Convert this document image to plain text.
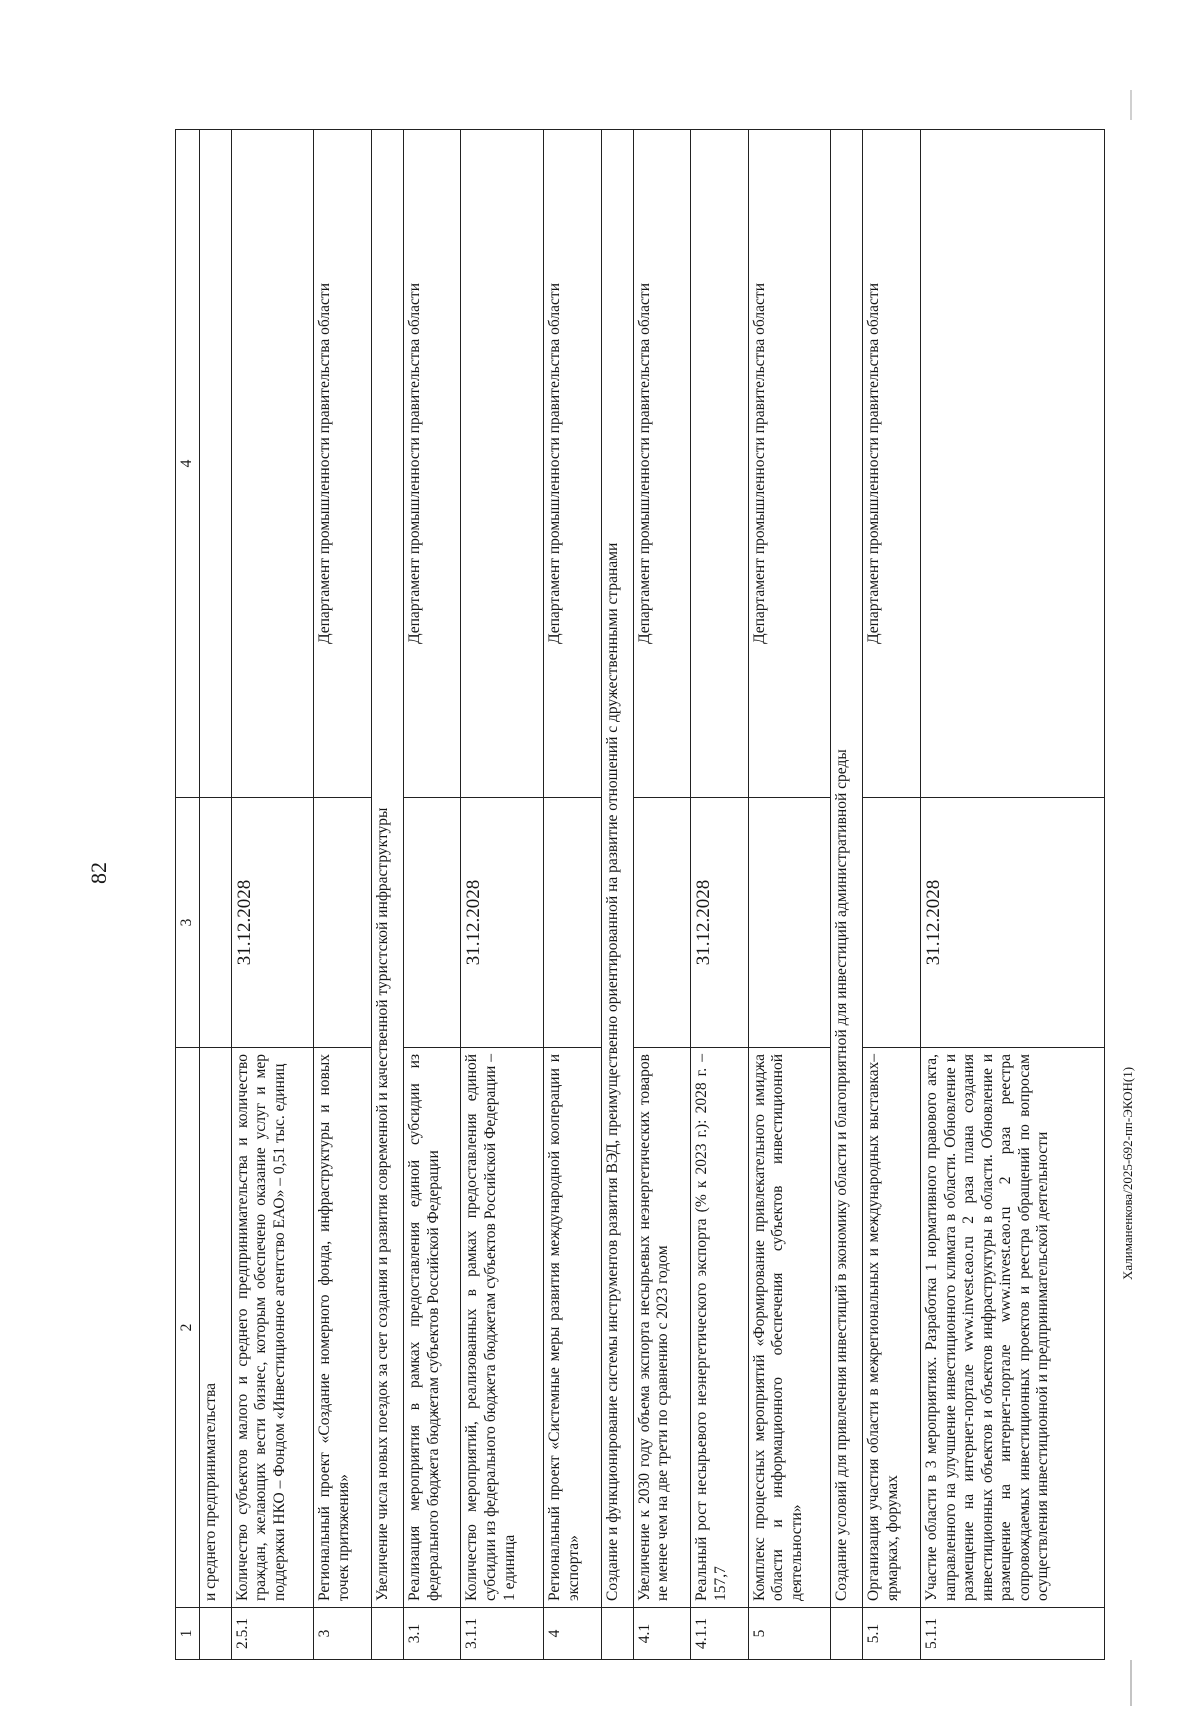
82
1	2	3	4
	и среднего предпринимательства		
2.5.1	Количество субъектов малого и среднего предпринимательства и количество граждан, желающих вести бизнес, которым обеспечено оказание услуг и мер поддержки НКО – Фондом «Инвестиционное агентство ЕАО» – 0,51 тыс. единиц	31.12.2028	
3	Региональный проект «Создание номерного фонда, инфраструктуры и новых точек притяжения»		Департамент промышленности правительства области
	Увеличение числа новых поездок за счет создания и развития современной и качественной туристской инфраструктуры		
3.1	Реализация мероприятия в рамках предоставления единой субсидии из федерального бюджета бюджетам субъектов Российской Федерации		Департамент промышленности правительства области
3.1.1	Количество мероприятий, реализованных в рамках предоставления единой субсидии из федерального бюджета бюджетам субъектов Российской Федерации – 1 единица	31.12.2028	
4	Региональный проект «Системные меры развития международной кооперации и экспорта»		Департамент промышленности правительства области
	Создание и функционирование системы инструментов развития ВЭД, преимущественно ориентированной на развитие отношений с дружественными странами		
4.1	Увеличение к 2030 году объема экспорта несырьевых неэнергетических товаров не менее чем на две трети по сравнению с 2023 годом		Департамент промышленности правительства области
4.1.1	Реальный рост несырьевого неэнергетического экспорта (% к 2023 г.): 2028 г. – 157,7	31.12.2028	
5	Комплекс процессных мероприятий «Формирование привлекательного имиджа области и информационного обеспечения субъектов инвестиционной деятельности»		Департамент промышленности правительства области
	Создание условий для привлечения инвестиций в экономику области и благоприятной для инвестиций административной среды		
5.1	Организация участия области в межрегиональных и международных выставках–ярмарках, форумах		Департамент промышленности правительства области
5.1.1	Участие области в 3 мероприятиях. Разработка 1 нормативного правового акта, направленного на улучшение инвестиционного климата в области. Обновление и размещение на интернет-портале www.invest.eao.ru 2 раза плана создания инвестиционных объектов и объектов инфраструктуры в области. Обновление и размещение на интернет-портале www.invest.eao.ru 2 раза реестра сопровождаемых инвестиционных проектов и реестра обращений по вопросам осуществления инвестиционной и предпринимательской деятельности	31.12.2028	
Халиманенкова/2025-692-пп-ЭКОН(1)
